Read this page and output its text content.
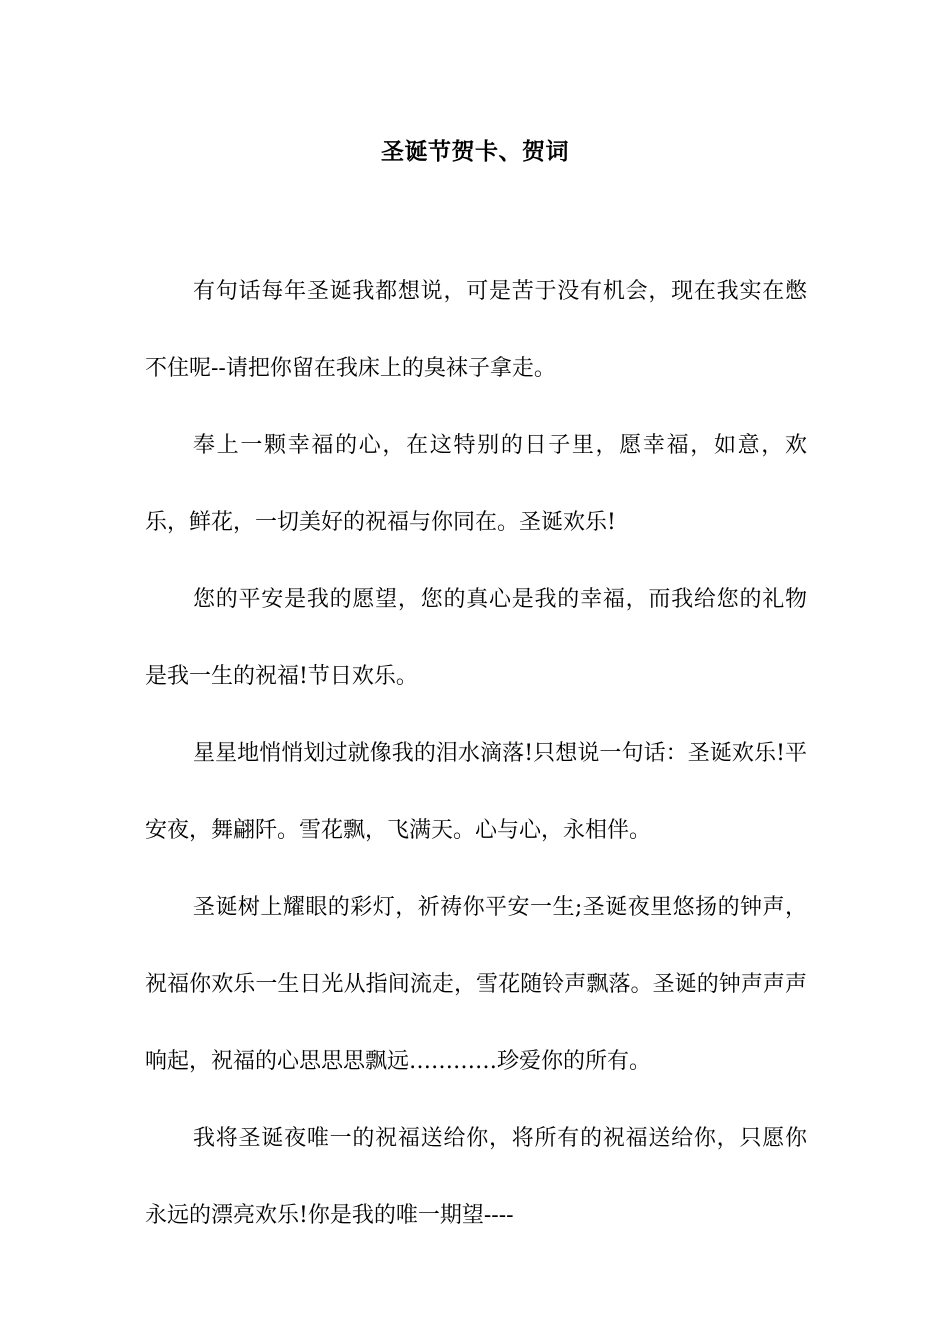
圣诞节贺卡、贺词

有句话每年圣诞我都想说，可是苦于没有机会，现在我实在憋不住呢--请把你留在我床上的臭袜子拿走。

奉上一颗幸福的心，在这特别的日子里，愿幸福，如意，欢乐，鲜花，一切美好的祝福与你同在。圣诞欢乐!

您的平安是我的愿望，您的真心是我的幸福，而我给您的礼物是我一生的祝福!节日欢乐。

星星地悄悄划过就像我的泪水滴落!只想说一句话：圣诞欢乐!平安夜，舞翩阡。雪花飘，飞满天。心与心，永相伴。

圣诞树上耀眼的彩灯，祈祷你平安一生;圣诞夜里悠扬的钟声，祝福你欢乐一生日光从指间流走，雪花随铃声飘落。圣诞的钟声声声响起，祝福的心思思思飘远…………珍爱你的所有。

我将圣诞夜唯一的祝福送给你，将所有的祝福送给你，只愿你永远的漂亮欢乐!你是我的唯一期望----
